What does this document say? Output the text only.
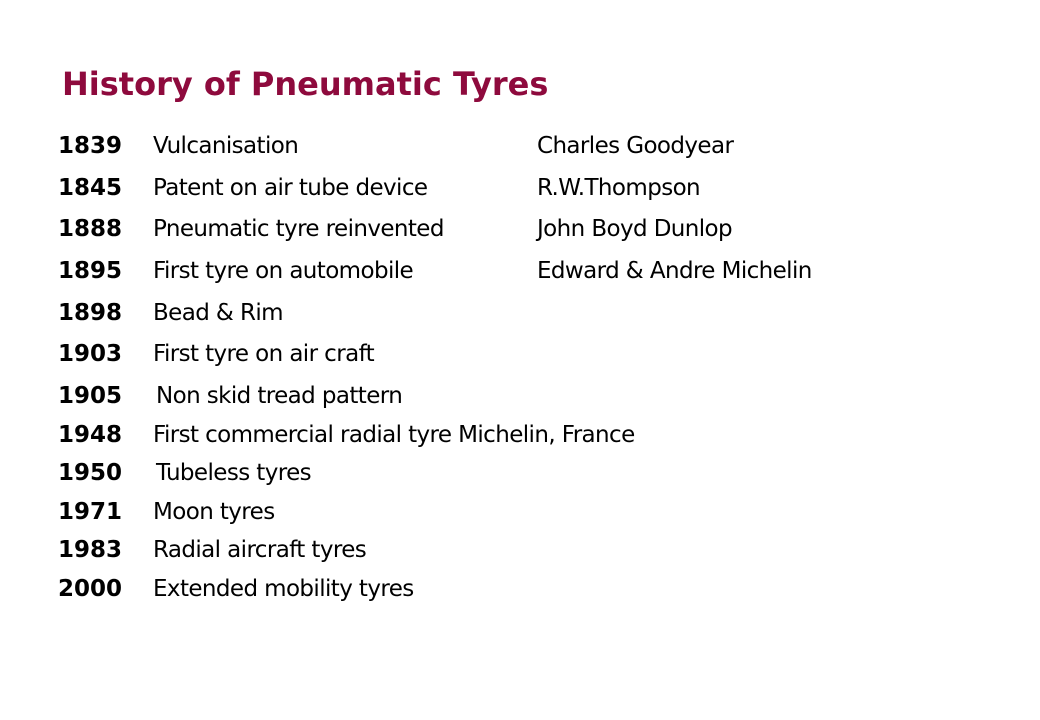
History of Pneumatic Tyres
1839 Vulcanisation	Charles Goodyear
1845 Patent on air tube device	R.W.Thompson
1888 Pneumatic tyre reinvented	John Boyd Dunlop
1895 First tyre on automobile	Edward & Andre Michelin
1898 Bead & Rim
1903 First tyre on air craft
1905 Non skid tread pattern
1948 First commercial radial tyre Michelin, France
1950 Tubeless tyres
1971 Moon tyres
1983 Radial aircraft tyres
2000 Extended mobility tyres
